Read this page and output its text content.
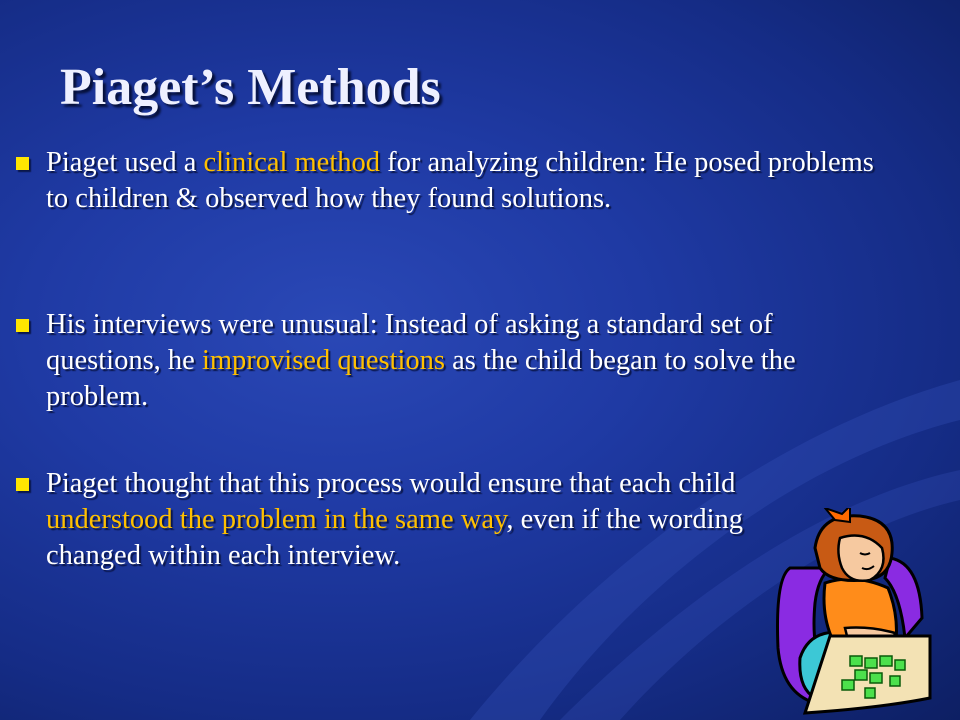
Piaget’s Methods
Piaget used a clinical method for analyzing children: He posed problems to children & observed how they found solutions.
His interviews were unusual: Instead of asking a standard set of questions, he improvised questions as the child began to solve the problem.
Piaget thought that this process would ensure that each child understood the problem in the same way, even if the wording changed within each interview.
